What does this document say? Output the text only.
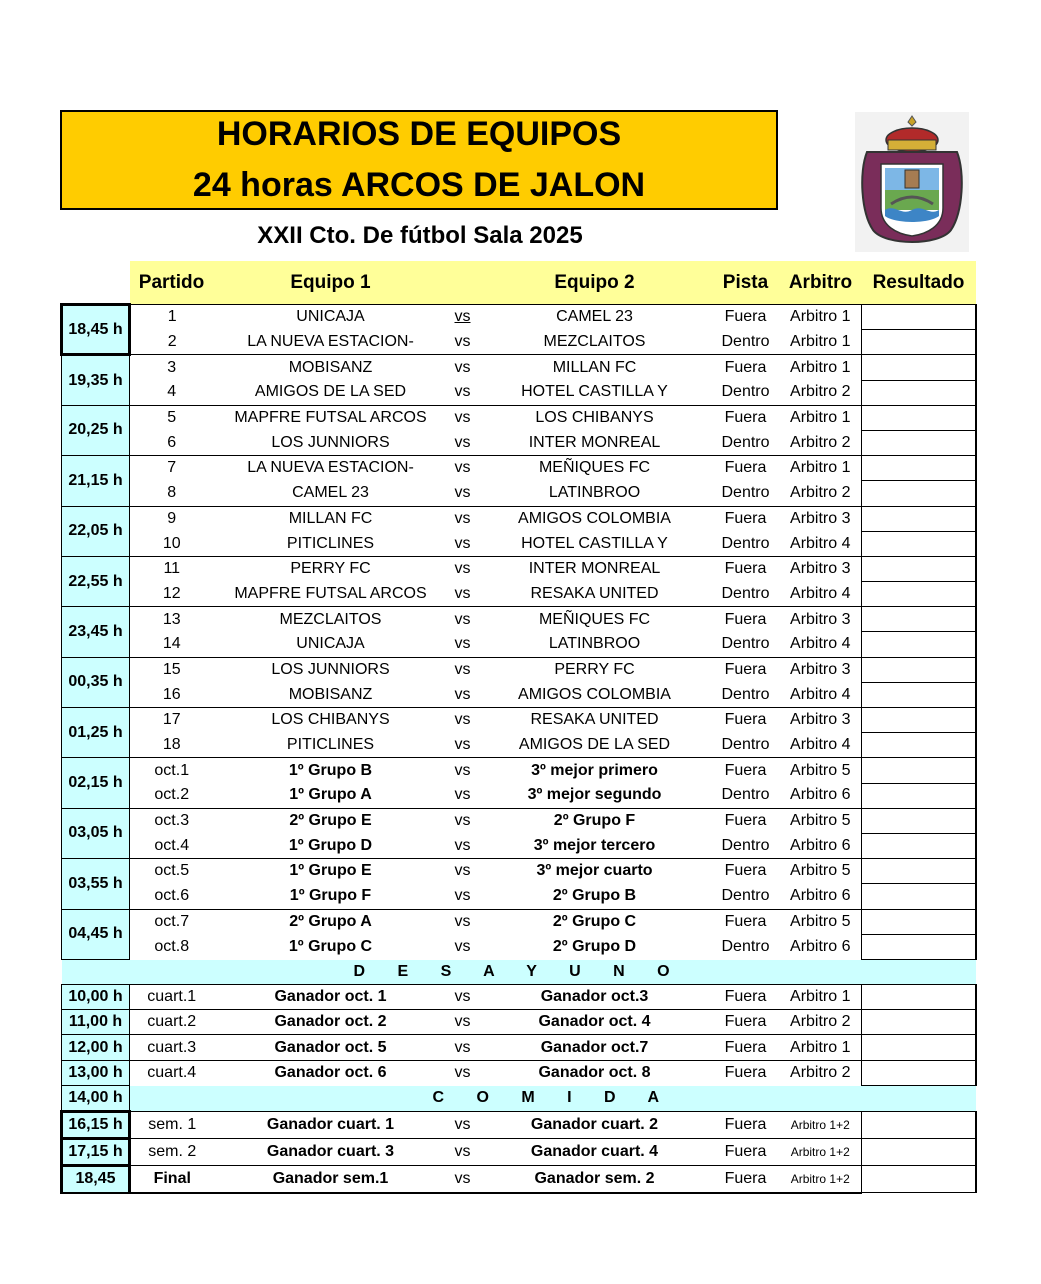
HORARIOS DE EQUIPOS
24 horas ARCOS DE JALON
XXII Cto. De fútbol Sala 2025
	Partido	Equipo 1		Equipo 2	Pista	Arbitro	Resultado
18,45 h	1	UNICAJA	vs	CAMEL 23	Fuera	Arbitro 1	
	2	LA NUEVA ESTACION-	vs	MEZCLAITOS	Dentro	Arbitro 1	
19,35 h	3	MOBISANZ	vs	MILLAN FC	Fuera	Arbitro 1	
	4	AMIGOS DE LA SED	vs	HOTEL CASTILLA Y	Dentro	Arbitro 2	
20,25 h	5	MAPFRE FUTSAL ARCOS	vs	LOS CHIBANYS	Fuera	Arbitro 1	
	6	LOS JUNNIORS	vs	INTER MONREAL	Dentro	Arbitro 2	
21,15 h	7	LA NUEVA ESTACION-	vs	MEÑIQUES FC	Fuera	Arbitro 1	
	8	CAMEL 23	vs	LATINBROO	Dentro	Arbitro 2	
22,05 h	9	MILLAN FC	vs	AMIGOS COLOMBIA	Fuera	Arbitro 3	
	10	PITICLINES	vs	HOTEL CASTILLA Y	Dentro	Arbitro 4	
22,55 h	11	PERRY FC	vs	INTER MONREAL	Fuera	Arbitro 3	
	12	MAPFRE FUTSAL ARCOS	vs	RESAKA UNITED	Dentro	Arbitro 4	
23,45 h	13	MEZCLAITOS	vs	MEÑIQUES FC	Fuera	Arbitro 3	
	14	UNICAJA	vs	LATINBROO	Dentro	Arbitro 4	
00,35 h	15	LOS JUNNIORS	vs	PERRY FC	Fuera	Arbitro 3	
	16	MOBISANZ	vs	AMIGOS COLOMBIA	Dentro	Arbitro 4	
01,25 h	17	LOS CHIBANYS	vs	RESAKA UNITED	Fuera	Arbitro 3	
	18	PITICLINES	vs	AMIGOS DE LA SED	Dentro	Arbitro 4	
02,15 h	oct.1	1º Grupo B	vs	3º mejor primero	Fuera	Arbitro 5	
	oct.2	1º Grupo A	vs	3º mejor segundo	Dentro	Arbitro 6	
03,05 h	oct.3	2º Grupo E	vs	2º Grupo F	Fuera	Arbitro 5	
	oct.4	1º Grupo D	vs	3º mejor tercero	Dentro	Arbitro 6	
03,55 h	oct.5	1º Grupo E	vs	3º mejor cuarto	Fuera	Arbitro 5	
	oct.6	1º Grupo F	vs	2º Grupo B	Dentro	Arbitro 6	
04,45 h	oct.7	2º Grupo A	vs	2º Grupo C	Fuera	Arbitro 5	
	oct.8	1º Grupo C	vs	2º Grupo D	Dentro	Arbitro 6	
D E S A Y U N O							
10,00 h	cuart.1	Ganador oct. 1	vs	Ganador oct.3	Fuera	Arbitro 1	
11,00 h	cuart.2	Ganador oct. 2	vs	Ganador oct. 4	Fuera	Arbitro 2	
12,00 h	cuart.3	Ganador oct. 5	vs	Ganador oct.7	Fuera	Arbitro 1	
13,00 h	cuart.4	Ganador oct. 6	vs	Ganador oct. 8	Fuera	Arbitro 2	
14,00 h	C O M I D A						
16,15 h	sem. 1	Ganador cuart. 1	vs	Ganador cuart. 2	Fuera	Arbitro 1+2	
17,15 h	sem. 2	Ganador cuart. 3	vs	Ganador cuart. 4	Fuera	Arbitro 1+2	
18,45	Final	Ganador sem.1	vs	Ganador sem. 2	Fuera	Arbitro 1+2	
